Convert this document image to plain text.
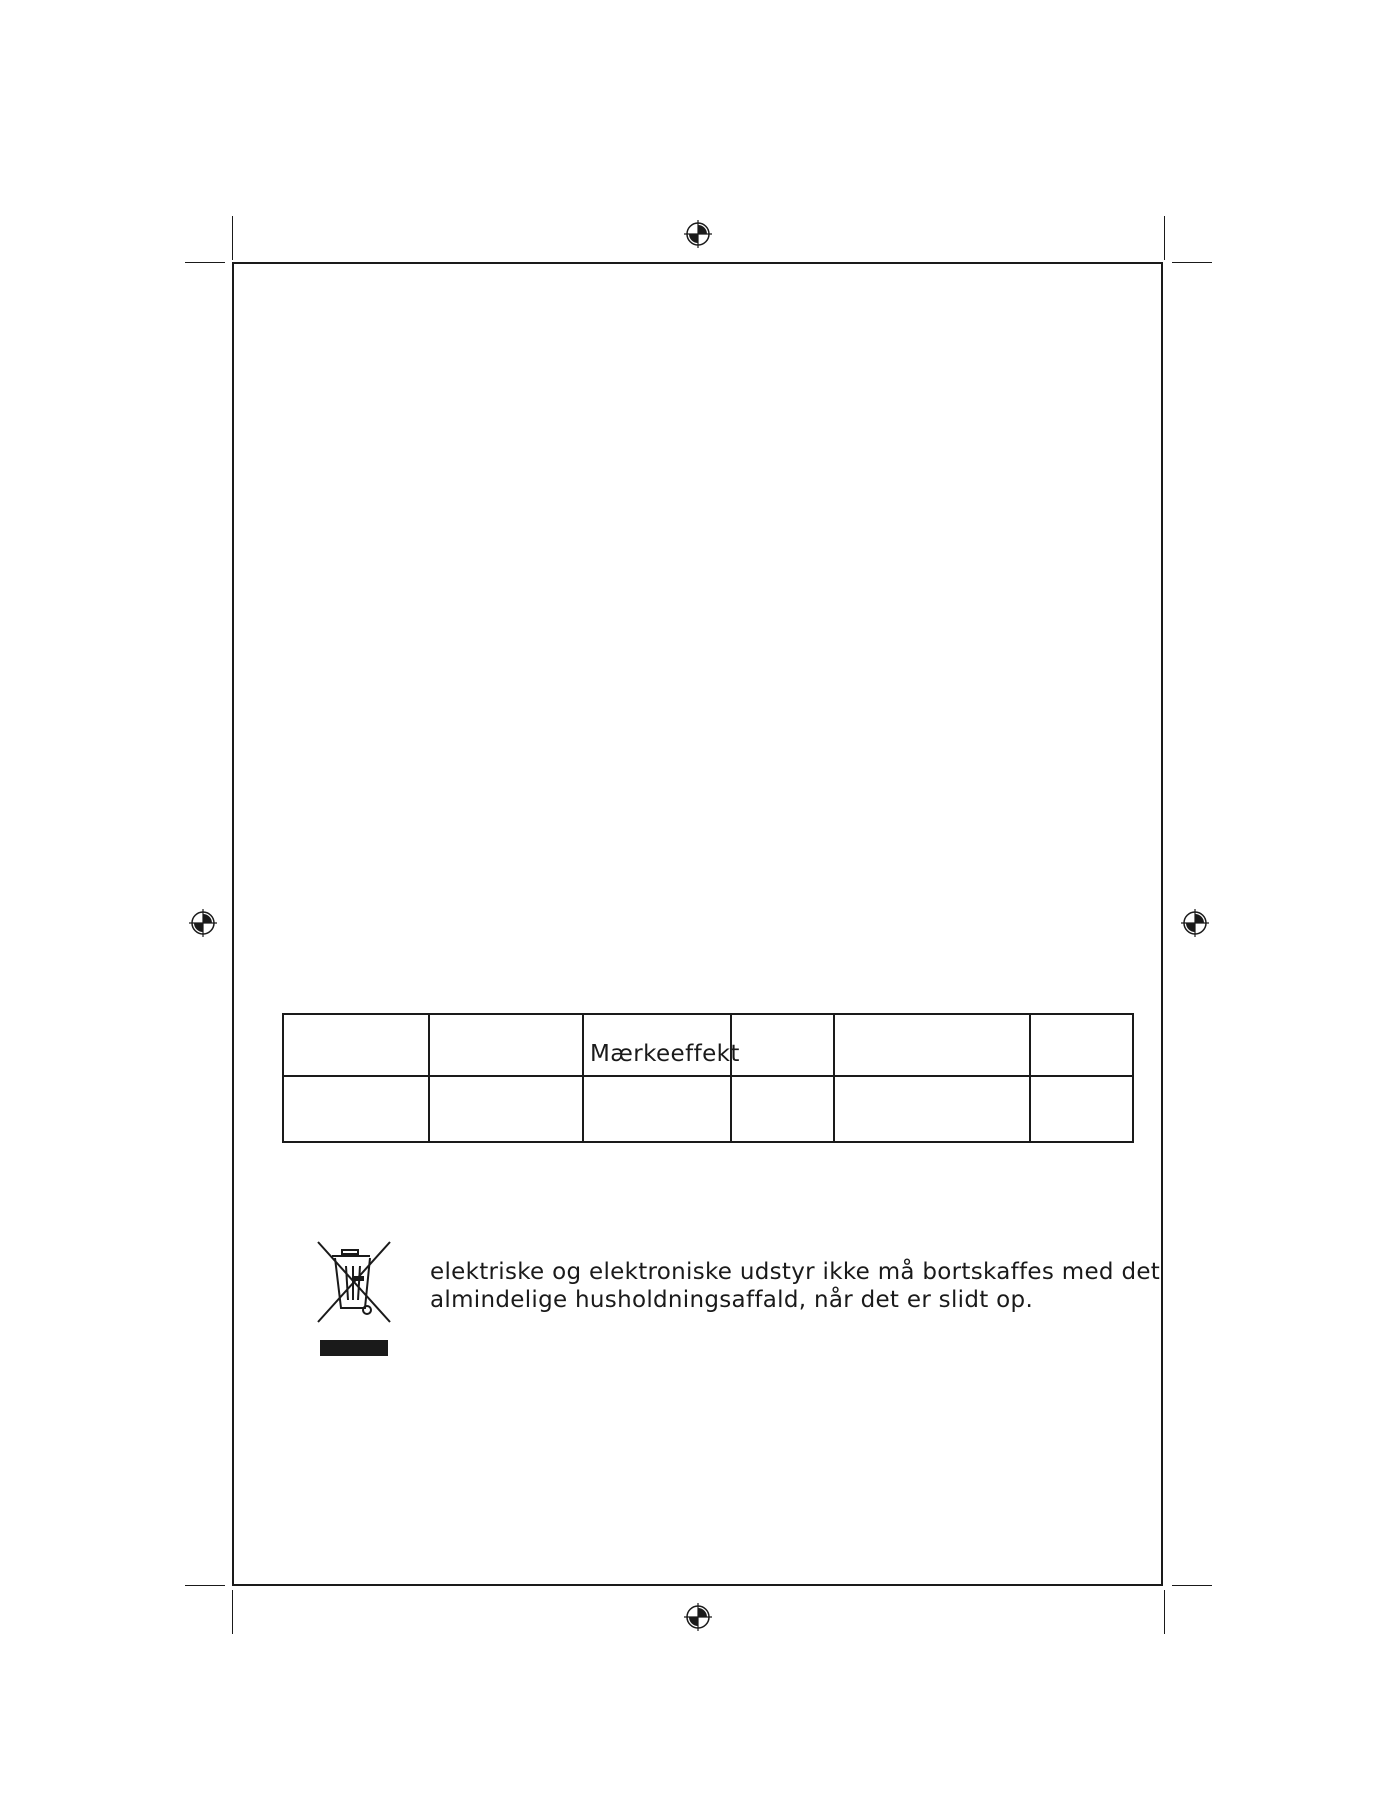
		Mærkeeffekt			

elektriske og elektroniske udstyr ikke må bortskaffes med det
almindelige husholdningsaffald, når det er slidt op.
